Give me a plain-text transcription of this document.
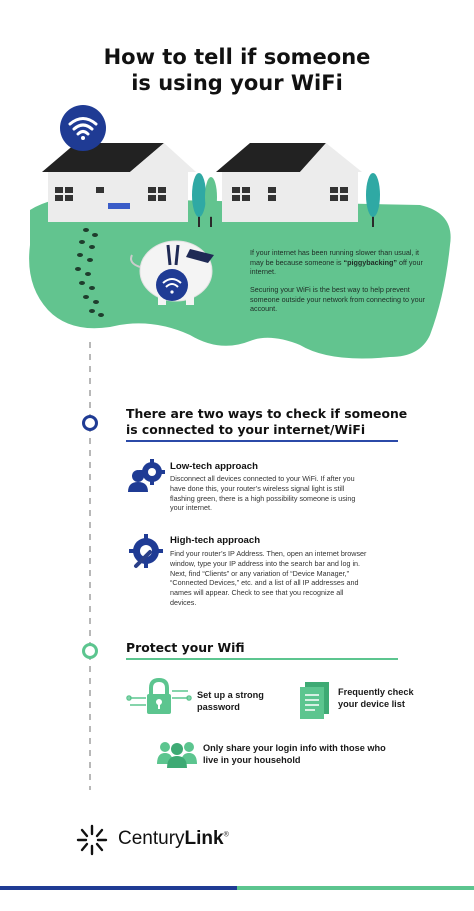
How to tell if someone
is using your WiFi
If your internet has been running slower than usual, it may be because someone is “piggybacking” off your internet.
Securing your WiFi is the best way to help prevent someone outside your network from connecting to your account.
There are two ways to check if someone
is connected to your internet/WiFi
Low-tech approach
Disconnect all devices connected to your WiFi. If after you have done this, your router’s wireless signal light is still flashing green, there is a high possibility someone is using your internet.
High-tech approach
Find your router’s IP Address. Then, open an internet browser window, type your IP address into the search bar and log in. Next, find “Clients” or any variation of “Device Manager,” “Connected Devices,” etc. and a list of all IP addresses and names will appear. Check to see that you recognize all devices.
Protect your Wifi
Set up a strong password
Frequently check your device list
Only share your login info with those who live in your household
CenturyLink®
